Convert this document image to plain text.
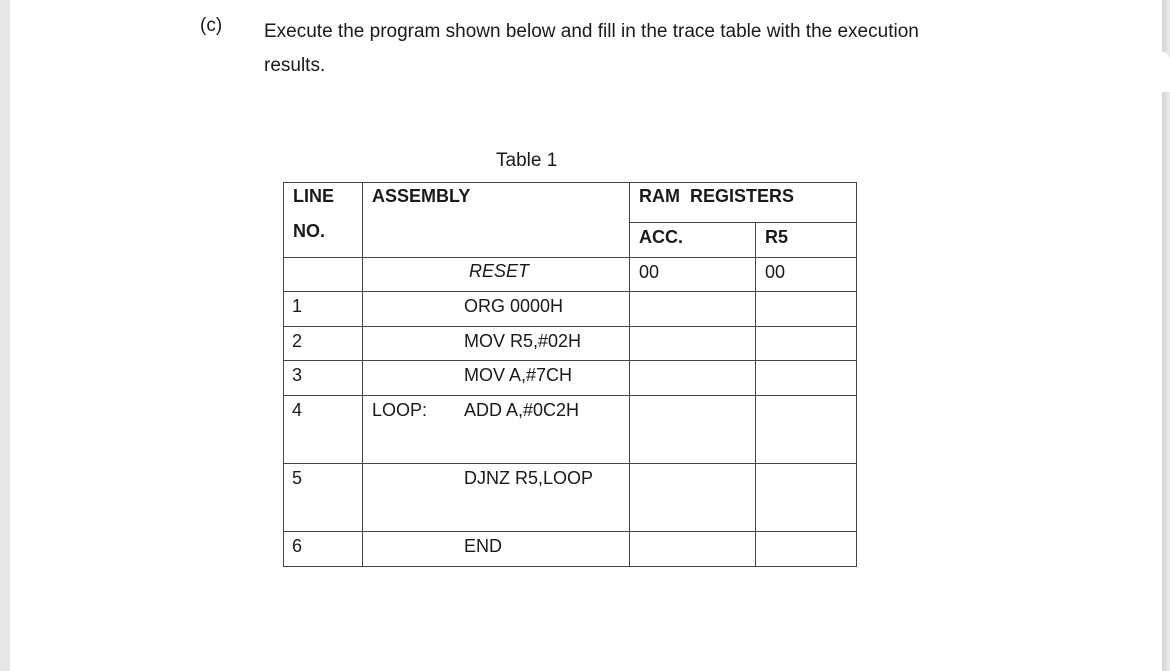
(c) Execute the program shown below and fill in the trace table with the execution results.

Table 1
LINE
NO.	ASSEMBLY	RAM  REGISTERS	

		ACC.	R5

	RESET	00	00

1	ORG 0000H		

2	MOV R5,#02H		

3	MOV A,#7CH		

4	LOOP: ADD A,#0C2H		

5	DJNZ R5,LOOP		

6	END		
